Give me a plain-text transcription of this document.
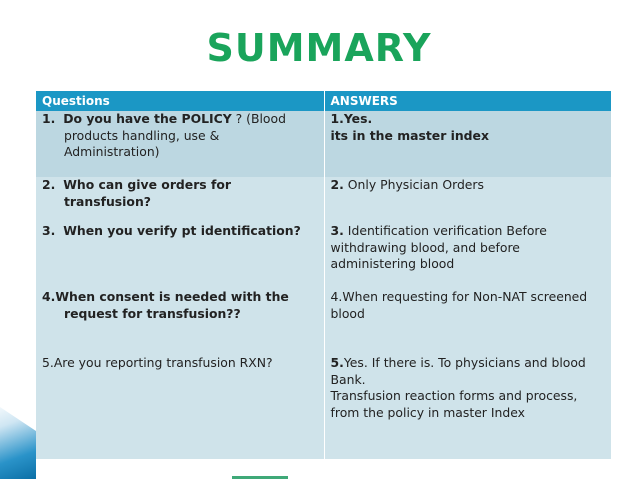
SUMMARY
Questions	ANSWERS

1. Do you have the POLICY ? (Blood products handling, use & Administration)	1.Yes.
its in the master index

2. Who can give orders for transfusion?	2. Only Physician Orders

3. When you verify pt identification?	3. Identification verification Before withdrawing blood, and before administering blood

4.When consent is needed with the request for transfusion??	4.When requesting for Non-NAT screened blood
5.Are you reporting transfusion RXN?	5.Yes. If there is. To physicians and blood Bank.
Transfusion reaction forms and process, from the policy in master Index
